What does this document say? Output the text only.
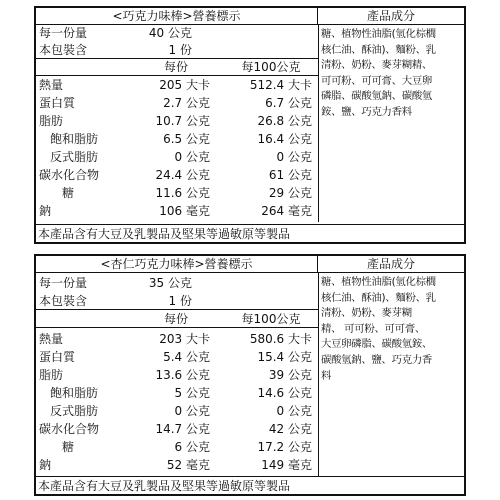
<巧克力味棒>營養標示	產品成分
糖、植物性油脂(氫化棕櫚
核仁油、酥油)、麵粉、乳
清粉、奶粉、麥芽糊精、
可可粉、可可膏、大豆卵
磷脂、碳酸氫鈉、碳酸氫
銨、鹽、巧克力香料
每一份量	40 公克
本包裝含	1 份
每份	每100公克
熱量	205 大卡	512.4 大卡
蛋白質	2.7 公克	6.7 公克
脂肪	10.7 公克	26.8 公克
飽和脂肪	6.5 公克	16.4 公克
反式脂肪	0 公克	0 公克
碳水化合物	24.4 公克	61 公克
糖	11.6 公克	29 公克
鈉	106 毫克	264 毫克
本產品含有大豆及乳製品及堅果等過敏原等製品
<杏仁巧克力味棒>營養標示	產品成分
糖、植物性油脂(氫化棕櫚
核仁油、酥油)、麵粉、乳
清粉、奶粉、麥芽糊
精、 可可粉、可可膏、
大豆卵磷脂、碳酸氫銨、
碳酸氫鈉、鹽、巧克力香
料
每一份量	35 公克
本包裝含	1 份
每份	每100公克
熱量	203 大卡	580.6 大卡
蛋白質	5.4 公克	15.4 公克
脂肪	13.6 公克	39 公克
飽和脂肪	5 公克	14.6 公克
反式脂肪	0 公克	0 公克
碳水化合物	14.7 公克	42 公克
糖	6 公克	17.2 公克
鈉	52 毫克	149 毫克
本產品含有大豆及乳製品及堅果等過敏原等製品
